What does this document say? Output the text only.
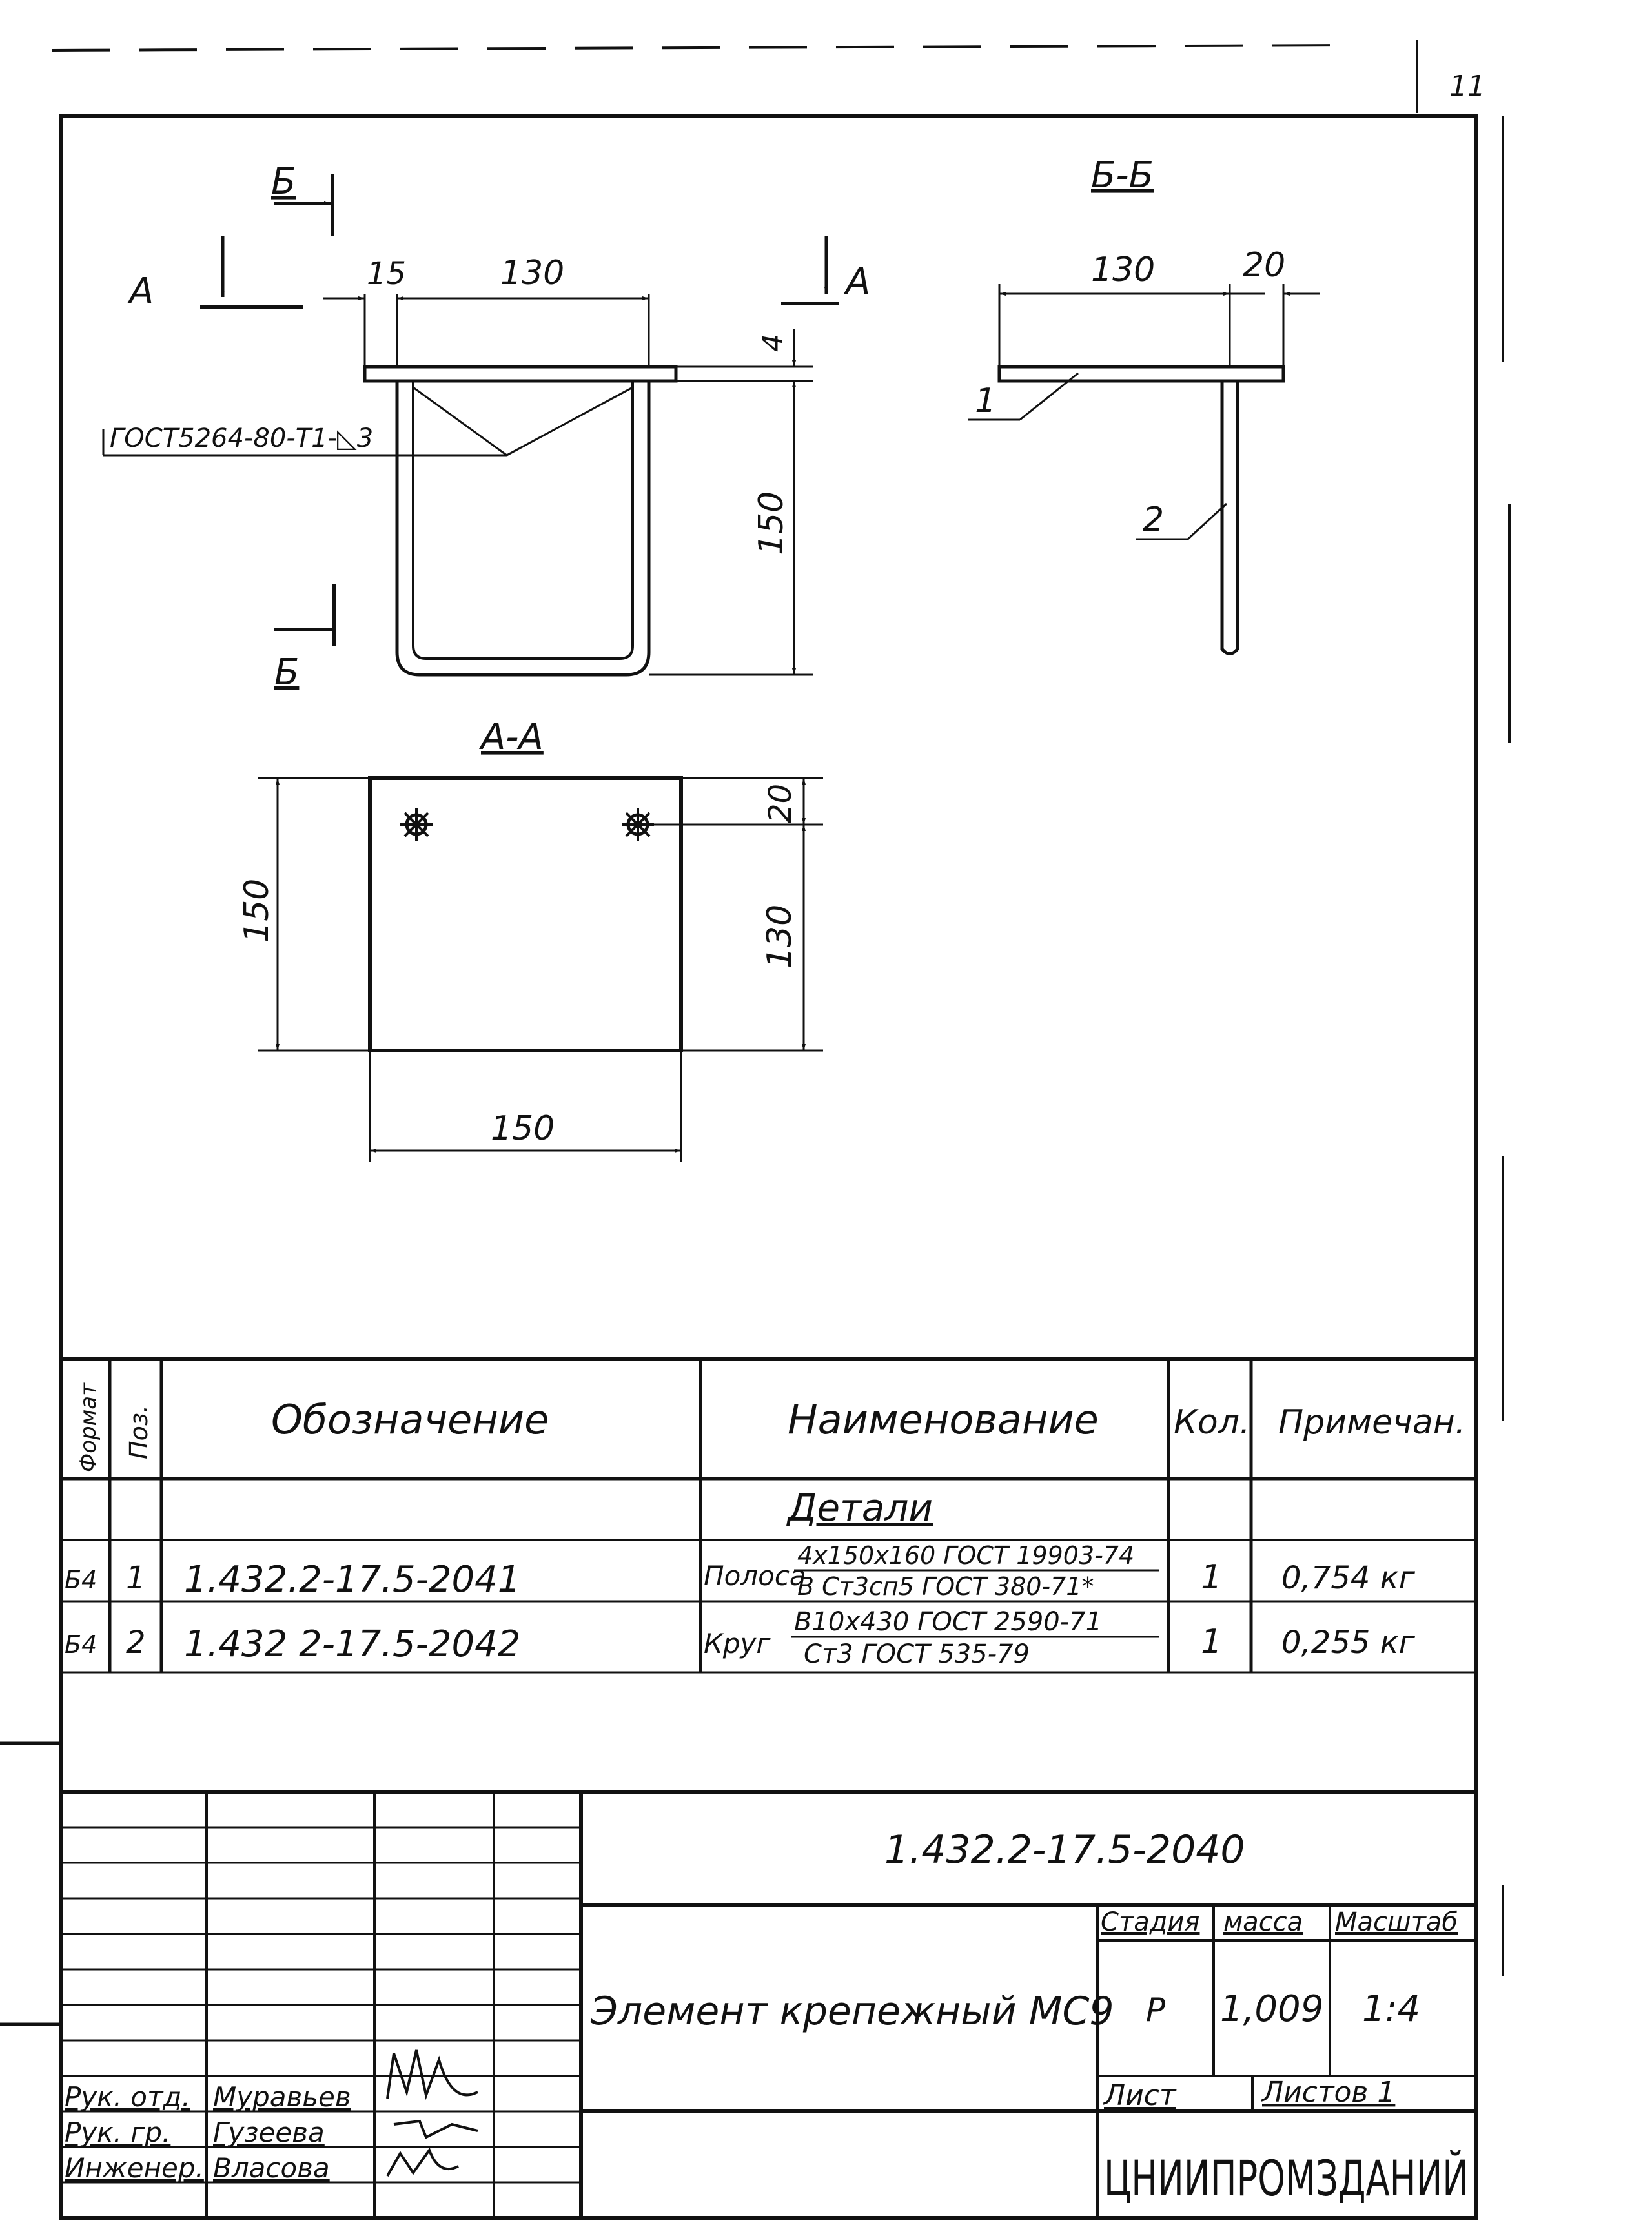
11
ГОСТ5264-80-Т1-◺3
15	130
4
150
Б
Б
А	А
Б-Б
130	20
1
2
А-А
150
20
130
150
Формат Поз.	Обозначение	Наименование Кол. Примечан.
Детали
Б4 1 1.432.2-17.5-2041	Полоса
4х150х160 ГОСТ 19903-74
В Ст3сп5 ГОСТ 380-71*	1 0,754 кг
Б4 2 1.432 2-17.5-2042	Круг
В10х430 ГОСТ 2590-71
Ст3 ГОСТ 535-79	1 0,255 кг
1.432.2-17.5-2040
Элемент крепежный МС9
Стадия масса Масштаб
Р 1,009 1:4
Лист	Листов 1
ЦНИИПРОМЗДАНИЙ
Рук. отд. Муравьев
Рук. гр. Гузеева
Инженер. Власова
